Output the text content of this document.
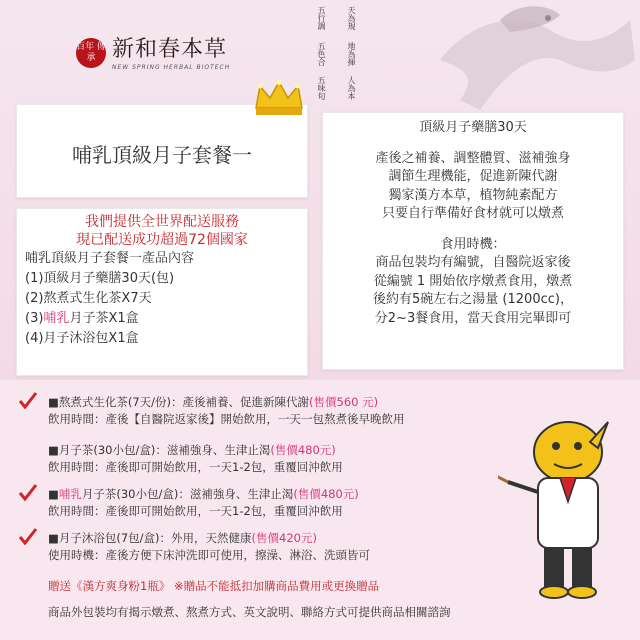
百年 傳承 新和春本草
NEW SPRING HERBAL BIOTECH
天為規
地為揮
人為本
五行調
五色合
五味旬
哺乳頂級月子套餐一
我們提供全世界配送服務
現已配送成功超過72個國家
哺乳頂級月子套餐一產品內容
(1)頂級月子藥膳30天(包)
(2)熬煮式生化茶X7天
(3)哺乳月子茶X1盒
(4)月子沐浴包X1盒
頂級月子藥膳30天
產後之補養、調整體質、滋補強身
調節生理機能，促進新陳代謝
獨家漢方本草，植物純素配方
只要自行準備好食材就可以燉煮
食用時機：
商品包裝均有編號，自醫院返家後
從編號 1 開始依序燉煮食用，燉煮
後約有5碗左右之湯量 (1200cc)，
分2~3餐食用，當天食用完畢即可
■熬煮式生化茶(7天/份)：產後補養、促進新陳代謝(售價560 元)
飲用時間：產後【自醫院返家後】開始飲用，一天一包熬煮後早晚飲用
■月子茶(30小包/盒)：滋補強身、生津止渴(售價480元)
飲用時間：產後即可開始飲用，一天1-2包，重覆回沖飲用
■哺乳月子茶(30小包/盒)：滋補強身、生津止渴(售價480元)
飲用時間：產後即可開始飲用，一天1-2包，重覆回沖飲用
■月子沐浴包(7包/盒)：外用，天然健康(售價420元)
使用時機：產後方便下床沖洗即可使用，擦澡、淋浴、洗頭皆可
贈送《漢方爽身粉1瓶》 ※贈品不能抵扣加購商品費用或更換贈品
商品外包裝均有揭示燉煮、熬煮方式、英文說明、聯絡方式可提供商品相關諮詢
